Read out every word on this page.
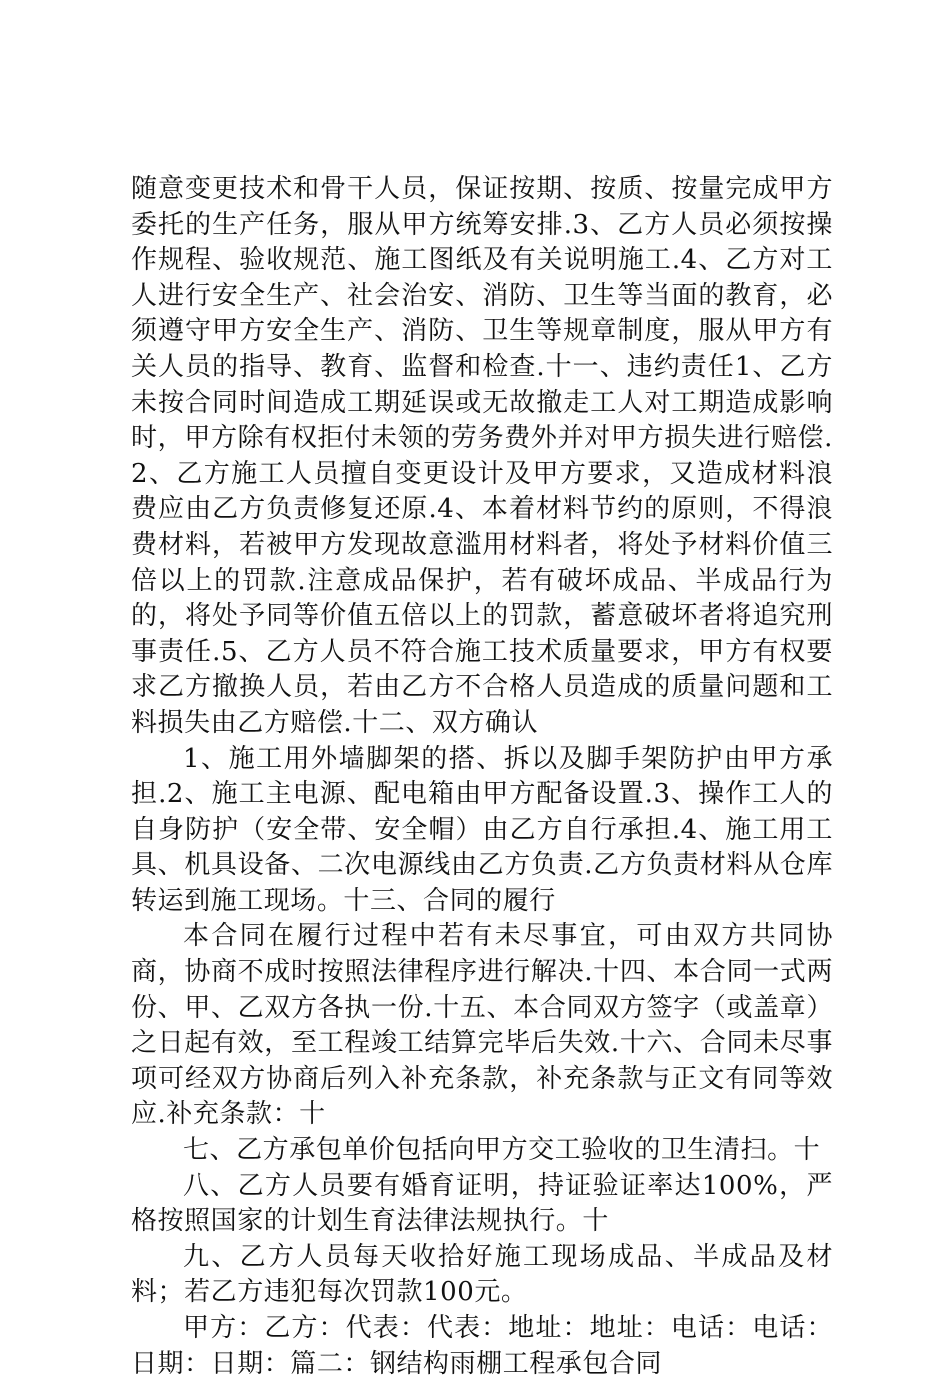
随意变更技术和骨干人员，保证按期、按质、按量完成甲方委托的生产任务，服从甲方统筹安排.3、乙方人员必须按操作规程、验收规范、施工图纸及有关说明施工.4、乙方对工人进行安全生产、社会治安、消防、卫生等当面的教育，必须遵守甲方安全生产、消防、卫生等规章制度，服从甲方有关人员的指导、教育、监督和检查.十一、违约责任1、乙方未按合同时间造成工期延误或无故撤走工人对工期造成影响时，甲方除有权拒付未领的劳务费外并对甲方损失进行赔偿.2、乙方施工人员擅自变更设计及甲方要求，又造成材料浪费应由乙方负责修复还原.4、本着材料节约的原则，不得浪费材料，若被甲方发现故意滥用材料者，将处予材料价值三倍以上的罚款.注意成品保护，若有破坏成品、半成品行为的，将处予同等价值五倍以上的罚款，蓄意破坏者将追究刑事责任.5、乙方人员不符合施工技术质量要求，甲方有权要求乙方撤换人员，若由乙方不合格人员造成的质量问题和工料损失由乙方赔偿.十二、双方确认

1、施工用外墙脚架的搭、拆以及脚手架防护由甲方承担.2、施工主电源、配电箱由甲方配备设置.3、操作工人的自身防护（安全带、安全帽）由乙方自行承担.4、施工用工具、机具设备、二次电源线由乙方负责.乙方负责材料从仓库转运到施工现场。十三、合同的履行

本合同在履行过程中若有未尽事宜，可由双方共同协商，协商不成时按照法律程序进行解决.十四、本合同一式两份、甲、乙双方各执一份.十五、本合同双方签字（或盖章）之日起有效，至工程竣工结算完毕后失效.十六、合同未尽事项可经双方协商后列入补充条款，补充条款与正文有同等效应.补充条款：十

七、乙方承包单价包括向甲方交工验收的卫生清扫。十

八、乙方人员要有婚育证明，持证验证率达100%，严格按照国家的计划生育法律法规执行。十

九、乙方人员每天收拾好施工现场成品、半成品及材料；若乙方违犯每次罚款100元。

甲方：乙方：代表：代表：地址：地址：电话：电话：日期：日期：篇二：钢结构雨棚工程承包合同
